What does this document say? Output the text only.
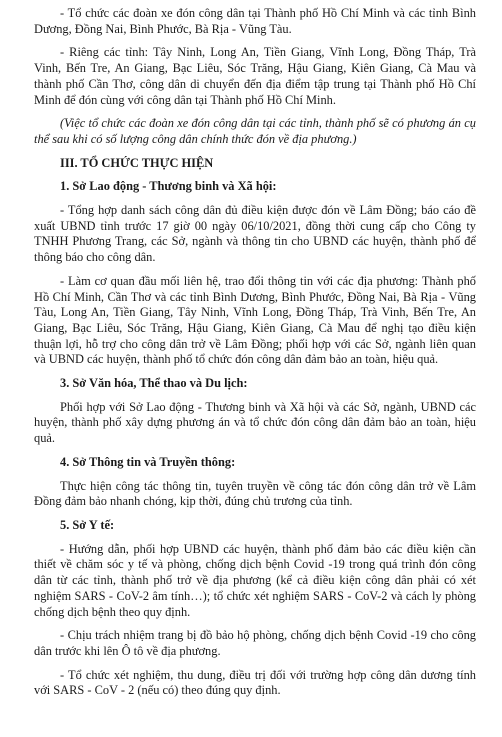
- Tổ chức các đoàn xe đón công dân tại Thành phố Hồ Chí Minh và các tỉnh Bình Dương, Đồng Nai, Bình Phước, Bà Rịa - Vũng Tàu.

- Riêng các tỉnh: Tây Ninh, Long An, Tiền Giang, Vĩnh Long, Đồng Tháp, Trà Vinh, Bến Tre, An Giang, Bạc Liêu, Sóc Trăng, Hậu Giang, Kiên Giang, Cà Mau và thành phố Cần Thơ, công dân di chuyển đến địa điểm tập trung tại Thành phố Hồ Chí Minh để đón cùng với công dân tại Thành phố Hồ Chí Minh.

(Việc tổ chức các đoàn xe đón công dân tại các tỉnh, thành phố sẽ có phương án cụ thể sau khi có số lượng công dân chính thức đón về địa phương.)

III. TỔ CHỨC THỰC HIỆN

1. Sở Lao động - Thương binh và Xã hội:

- Tổng hợp danh sách công dân đủ điều kiện được đón về Lâm Đồng; báo cáo đề xuất UBND tỉnh trước 17 giờ 00 ngày 06/10/2021, đồng thời cung cấp cho Công ty TNHH Phương Trang, các Sở, ngành và thông tin cho UBND các huyện, thành phố để thông báo cho công dân.

- Làm cơ quan đầu mối liên hệ, trao đổi thông tin với các địa phương: Thành phố Hồ Chí Minh, Cần Thơ và các tỉnh Bình Dương, Bình Phước, Đồng Nai, Bà Rịa - Vũng Tàu, Long An, Tiền Giang, Tây Ninh, Vĩnh Long, Đồng Tháp, Trà Vinh, Bến Tre, An Giang, Bạc Liêu, Sóc Trăng, Hậu Giang, Kiên Giang, Cà Mau để nghị tạo điều kiện thuận lợi, hỗ trợ cho công dân trở về Lâm Đồng; phối hợp với các Sở, ngành liên quan và UBND các huyện, thành phố tổ chức đón công dân đảm bảo an toàn, hiệu quả.

3. Sở Văn hóa, Thể thao và Du lịch:

Phối hợp với Sở Lao động - Thương binh và Xã hội và các Sở, ngành, UBND các huyện, thành phố xây dựng phương án và tổ chức đón công dân đảm bảo an toàn, hiệu quả.

4. Sở Thông tin và Truyền thông:

Thực hiện công tác thông tin, tuyên truyền về công tác đón công dân trở về Lâm Đồng đảm bảo nhanh chóng, kịp thời, đúng chủ trương của tỉnh.

5. Sở Y tế:

- Hướng dẫn, phối hợp UBND các huyện, thành phố đảm bảo các điều kiện cần thiết về chăm sóc y tế và phòng, chống dịch bệnh Covid -19 trong quá trình đón công dân từ các tỉnh, thành phố trở về địa phương (kể cả điều kiện công dân phải có xét nghiệm SARS - CoV-2 âm tính…); tổ chức xét nghiệm SARS - CoV-2 và cách ly phòng chống dịch bệnh theo quy định.

- Chịu trách nhiệm trang bị đồ bảo hộ phòng, chống dịch bệnh Covid -19 cho công dân trước khi lên Ô tô về địa phương.

- Tổ chức xét nghiệm, thu dung, điều trị đối với trường hợp công dân dương tính với SARS - CoV - 2 (nếu có) theo đúng quy định.
